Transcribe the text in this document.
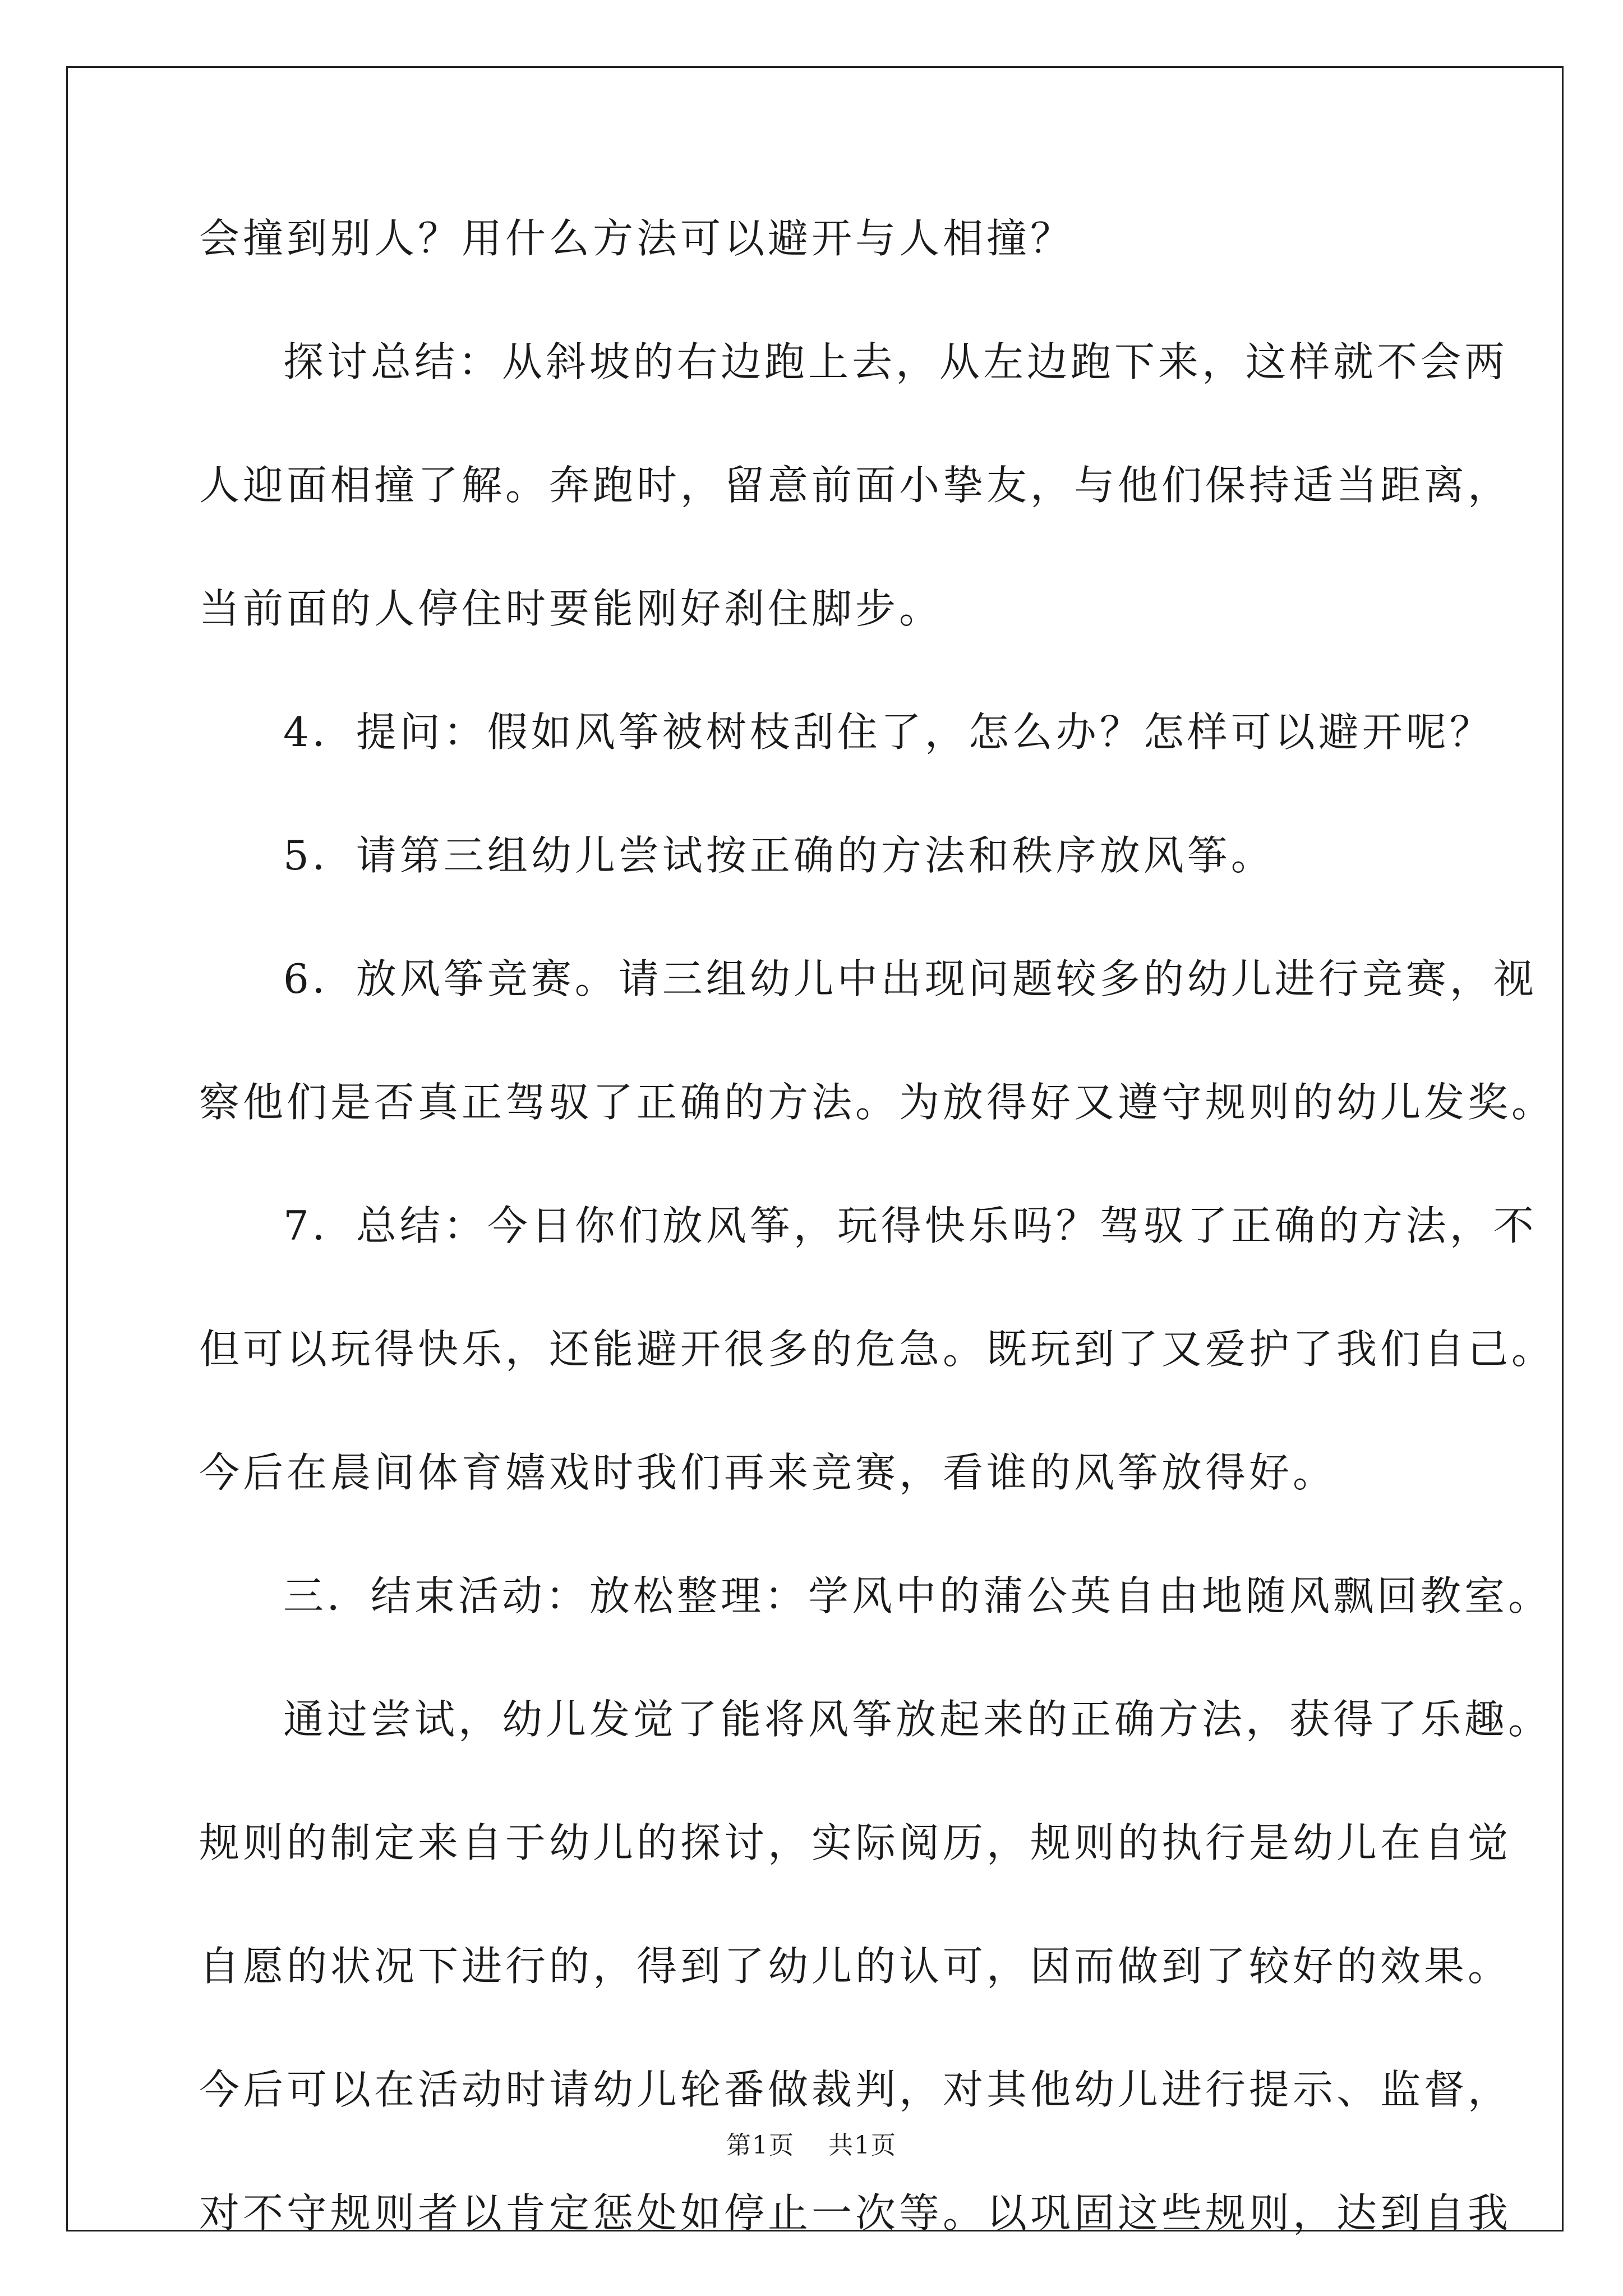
会撞到别人？用什么方法可以避开与人相撞？
探讨总结：从斜坡的右边跑上去，从左边跑下来，这样就不会两
人迎面相撞了解。奔跑时，留意前面小挚友，与他们保持适当距离，
当前面的人停住时要能刚好刹住脚步。
4．提问：假如风筝被树枝刮住了，怎么办？怎样可以避开呢？
5．请第三组幼儿尝试按正确的方法和秩序放风筝。
6．放风筝竞赛。请三组幼儿中出现问题较多的幼儿进行竞赛，视
察他们是否真正驾驭了正确的方法。为放得好又遵守规则的幼儿发奖。
7．总结：今日你们放风筝，玩得快乐吗？驾驭了正确的方法，不
但可以玩得快乐，还能避开很多的危急。既玩到了又爱护了我们自己。
今后在晨间体育嬉戏时我们再来竞赛，看谁的风筝放得好。
三．结束活动：放松整理：学风中的蒲公英自由地随风飘回教室。
通过尝试，幼儿发觉了能将风筝放起来的正确方法，获得了乐趣。
规则的制定来自于幼儿的探讨，实际阅历，规则的执行是幼儿在自觉
自愿的状况下进行的，得到了幼儿的认可，因而做到了较好的效果。
今后可以在活动时请幼儿轮番做裁判，对其他幼儿进行提示、监督，
对不守规则者以肯定惩处如停止一次等。以巩固这些规则，达到自我
第1页 共1页
